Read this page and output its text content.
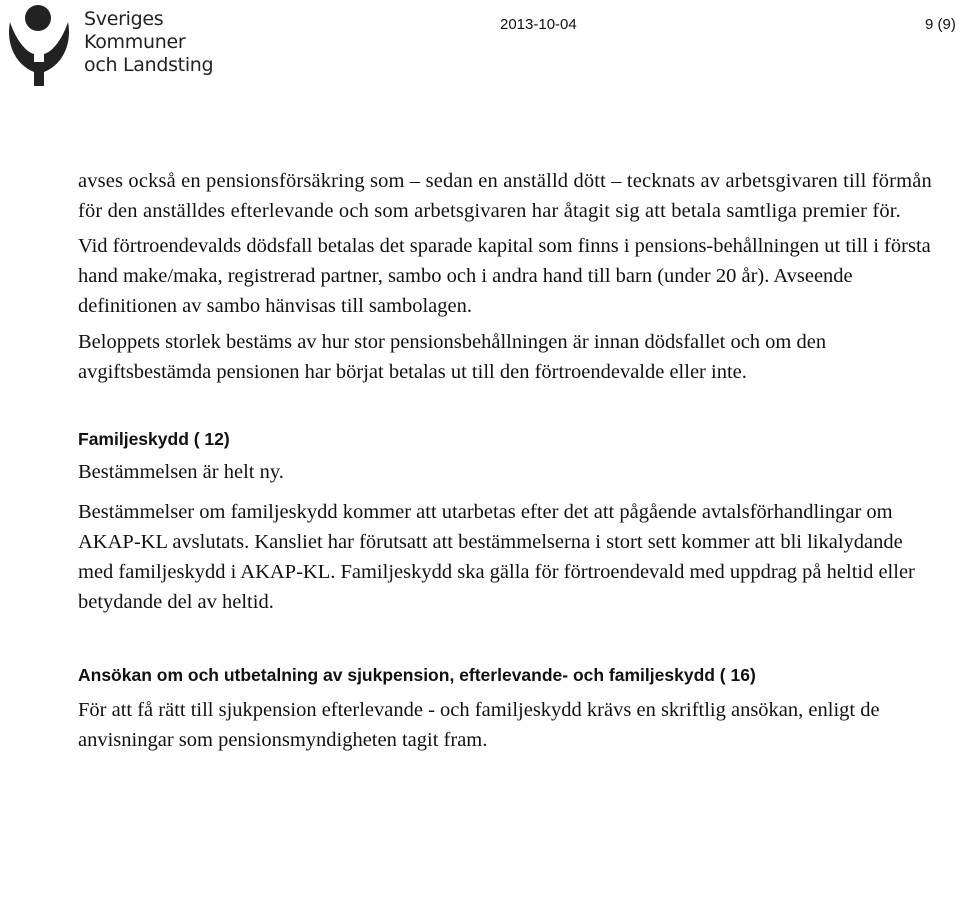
Sveriges
Kommuner
och Landsting
2013-10-04	9 (9)

avses också en pensionsförsäkring som – sedan en anställd dött – tecknats av arbetsgivaren till förmån för den anställdes efterlevande och som arbetsgivaren har åtagit sig att betala samtliga premier för.

Vid förtroendevalds dödsfall betalas det sparade kapital som finns i pensions-behållningen ut till i första hand make/maka, registrerad partner, sambo och i andra hand till barn (under 20 år). Avseende definitionen av sambo hänvisas till sambolagen.

Beloppets storlek bestäms av hur stor pensionsbehållningen är innan dödsfallet och om den avgiftsbestämda pensionen har börjat betalas ut till den förtroendevalde eller inte.

Familjeskydd ( 12)

Bestämmelsen är helt ny.

Bestämmelser om familjeskydd kommer att utarbetas efter det att pågående avtalsförhandlingar om AKAP-KL avslutats. Kansliet har förutsatt att bestämmelserna i stort sett kommer att bli likalydande med familjeskydd i AKAP-KL. Familjeskydd ska gälla för förtroendevald med uppdrag på heltid eller betydande del av heltid.

Ansökan om och utbetalning av sjukpension, efterlevande- och familjeskydd ( 16)

För att få rätt till sjukpension efterlevande - och familjeskydd krävs en skriftlig ansökan, enligt de anvisningar som pensionsmyndigheten tagit fram.
